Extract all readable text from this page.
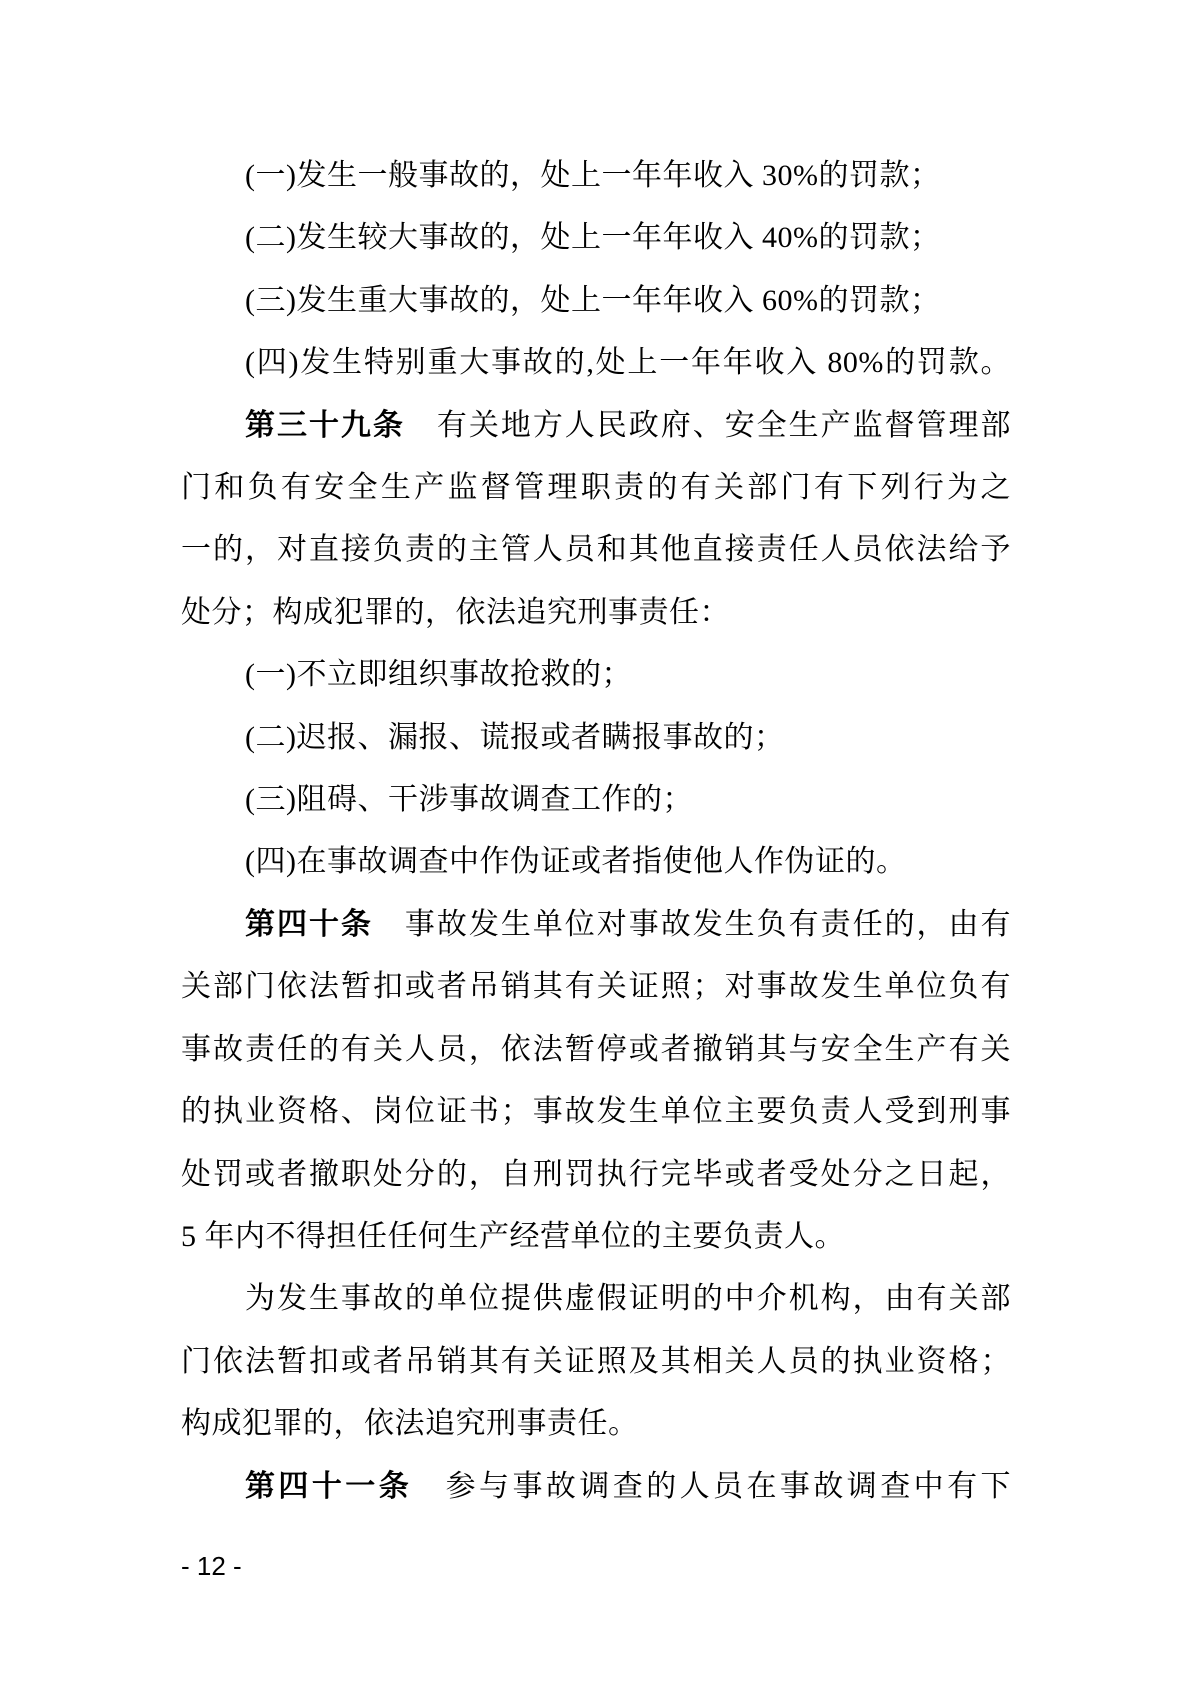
(一)发生一般事故的，处上一年年收入 30%的罚款；
(二)发生较大事故的，处上一年年收入 40%的罚款；
(三)发生重大事故的，处上一年年收入 60%的罚款；
(四)发生特别重大事故的,处上一年年收入 80%的罚款。
第三十九条　有关地方人民政府、安全生产监督管理部
门和负有安全生产监督管理职责的有关部门有下列行为之
一的，对直接负责的主管人员和其他直接责任人员依法给予
处分；构成犯罪的，依法追究刑事责任：
(一)不立即组织事故抢救的；
(二)迟报、漏报、谎报或者瞒报事故的；
(三)阻碍、干涉事故调查工作的；
(四)在事故调查中作伪证或者指使他人作伪证的。
第四十条　事故发生单位对事故发生负有责任的，由有
关部门依法暂扣或者吊销其有关证照；对事故发生单位负有
事故责任的有关人员，依法暂停或者撤销其与安全生产有关
的执业资格、岗位证书；事故发生单位主要负责人受到刑事
处罚或者撤职处分的，自刑罚执行完毕或者受处分之日起，
5 年内不得担任任何生产经营单位的主要负责人。
为发生事故的单位提供虚假证明的中介机构，由有关部
门依法暂扣或者吊销其有关证照及其相关人员的执业资格；
构成犯罪的，依法追究刑事责任。
第四十一条　参与事故调查的人员在事故调查中有下
- 12 -
